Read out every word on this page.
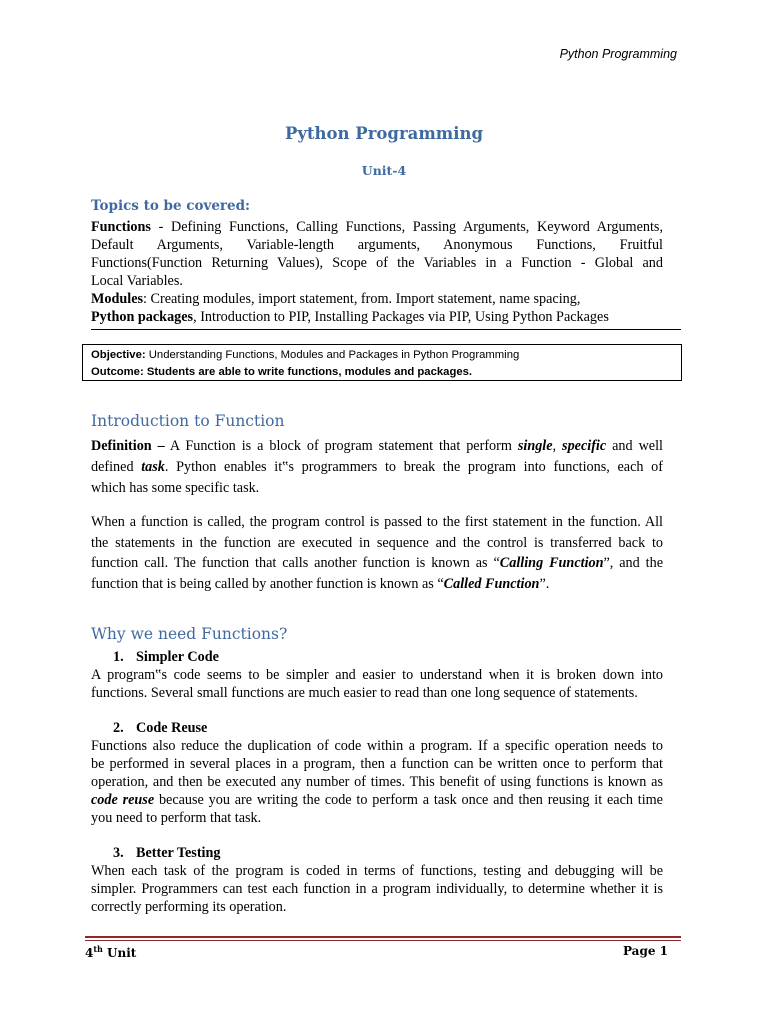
Python Programming
Python Programming
Unit-4
Topics to be covered:
Functions - Defining Functions, Calling Functions, Passing Arguments, Keyword Arguments,
Default Arguments, Variable-length arguments, Anonymous Functions, Fruitful
Functions(Function Returning Values), Scope of the Variables in a Function - Global and
Local Variables.
Modules: Creating modules, import statement, from. Import statement, name spacing,
Python packages, Introduction to PIP, Installing Packages via PIP, Using Python Packages
Objective: Understanding Functions, Modules and Packages in Python Programming
Outcome: Students are able to write functions, modules and packages.
Introduction to Function
Definition – A Function is a block of program statement that perform single, specific and well
defined task. Python enables it‟s programmers to break the program into functions, each of
which has some specific task.
When a function is called, the program control is passed to the first statement in the function. All
the statements in the function are executed in sequence and the control is transferred back to
function call. The function that calls another function is known as “Calling Function”, and the
function that is being called by another function is known as “Called Function”.
Why we need Functions?
1. Simpler Code
A program‟s code seems to be simpler and easier to understand when it is broken down into
functions. Several small functions are much easier to read than one long sequence of statements.
2. Code Reuse
Functions also reduce the duplication of code within a program. If a specific operation needs to
be performed in several places in a program, then a function can be written once to perform that
operation, and then be executed any number of times. This benefit of using functions is known as
code reuse because you are writing the code to perform a task once and then reusing it each time
you need to perform that task.
3. Better Testing
When each task of the program is coded in terms of functions, testing and debugging will be
simpler. Programmers can test each function in a program individually, to determine whether it is
correctly performing its operation.
4th Unit	Page 1
